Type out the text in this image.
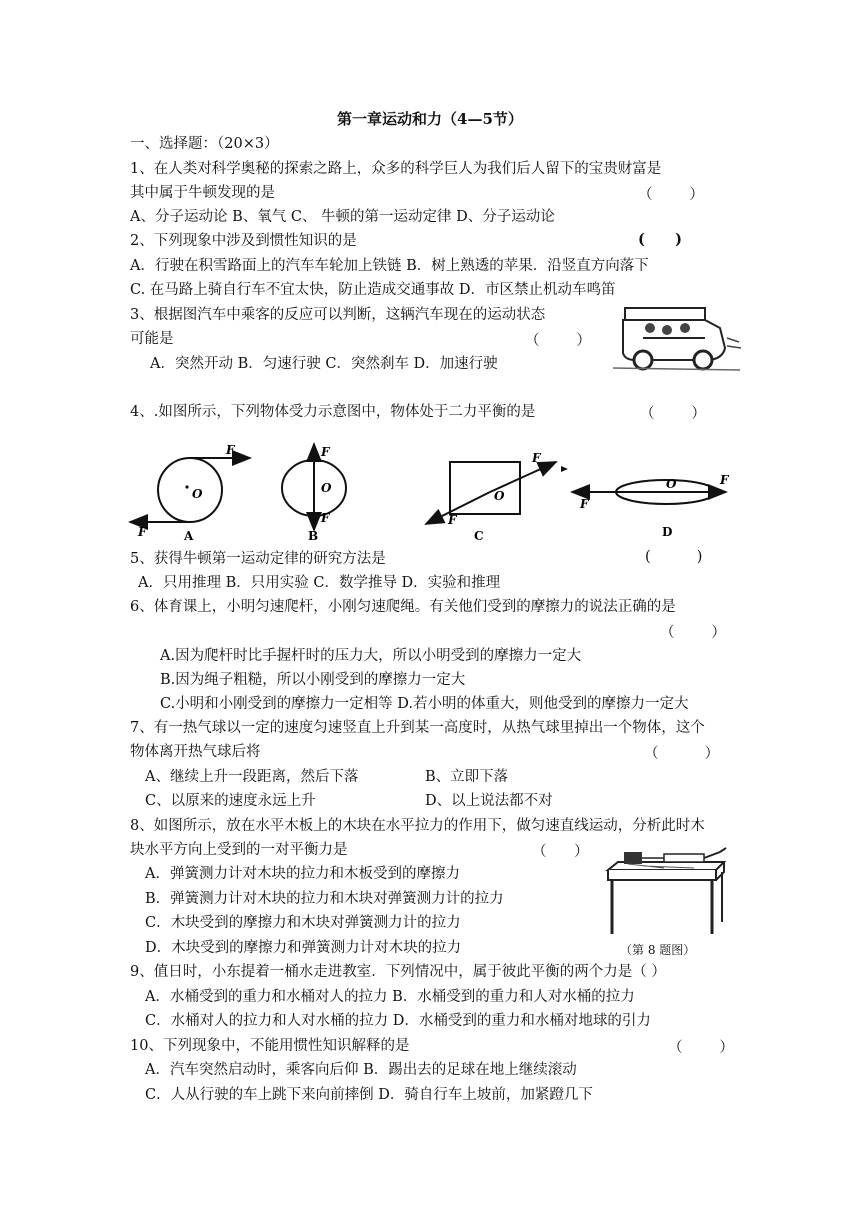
第一章运动和力（4—5节）
一、选择题：（20×3）
1、在人类对科学奥秘的探索之路上，众多的科学巨人为我们后人留下的宝贵财富是
其中属于牛顿发现的是	（        ）
A、分子运动论 B、氧气 C、 牛顿的第一运动定律 D、分子运动论
2、下列现象中涉及到惯性知识的是	(      )
A．行驶在积雪路面上的汽车车轮加上铁链 B．树上熟透的苹果．沿竖直方向落下
C. 在马路上骑自行车不宜太快，防止造成交通事故 D．市区禁止机动车鸣笛
3、根据图汽车中乘客的反应可以判断，这辆汽车现在的运动状态
可能是	（        ）
A．突然开动 B．匀速行驶 C．突然刹车 D．加速行驶
4、.如图所示，下列物体受力示意图中，物体处于二力平衡的是	（        ）
O
F
F	A
O
F
F
B
O
F
F
C
O	F
F
D
5、获得牛顿第一运动定律的研究方法是	(          )
A．只用推理 B．只用实验 C．数学推导 D．实验和推理
6、体育课上，小明匀速爬杆，小刚匀速爬绳。有关他们受到的摩擦力的说法正确的是
（        ）
A.因为爬杆时比手握杆时的压力大，所以小明受到的摩擦力一定大
B.因为绳子粗糙，所以小刚受到的摩擦力一定大
C.小明和小刚受到的摩擦力一定相等 D.若小明的体重大，则他受到的摩擦力一定大
7、有一热气球以一定的速度匀速竖直上升到某一高度时，从热气球里掉出一个物体，这个
物体离开热气球后将	（          ）
A、继续上升一段距离，然后下落	B、立即下落
C、以原来的速度永远上升	D、以上说法都不对
8、如图所示，放在水平木板上的木块在水平拉力的作用下，做匀速直线运动，分析此时木
块水平方向上受到的一对平衡力是	（      ）
A．弹簧测力计对木块的拉力和木板受到的摩擦力
B．弹簧测力计对木块的拉力和木块对弹簧测力计的拉力
C．木块受到的摩擦力和木块对弹簧测力计的拉力
D．木块受到的摩擦力和弹簧测力计对木块的拉力	（第 8 题图）
9、值日时，小东提着一桶水走进教室．下列情况中，属于彼此平衡的两个力是（ ）
A．水桶受到的重力和水桶对人的拉力 B．水桶受到的重力和人对水桶的拉力
C．水桶对人的拉力和人对水桶的拉力 D．水桶受到的重力和水桶对地球的引力
10、下列现象中，不能用惯性知识解释的是	（        ）
A．汽车突然启动时，乘客向后仰 B．踢出去的足球在地上继续滚动
C．人从行驶的车上跳下来向前摔倒 D．骑自行车上坡前，加紧蹬几下
